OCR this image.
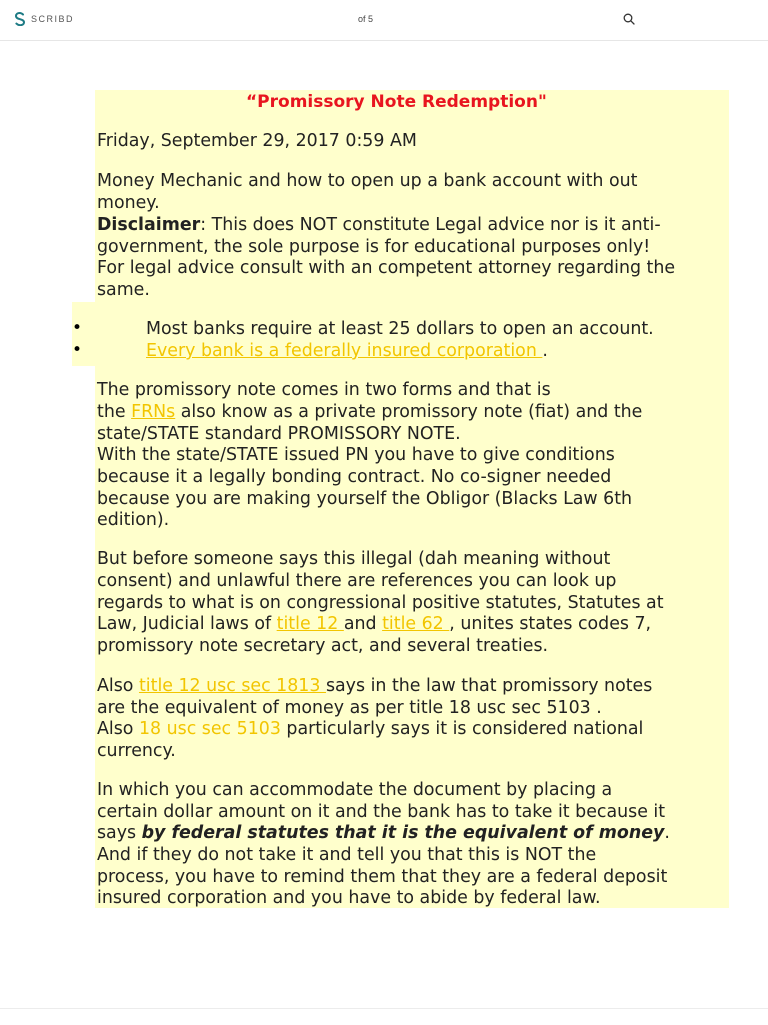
SCRIBD	of 5
“Promissory Note Redemption"
Friday, September 29, 2017 0:59 AM
Money Mechanic and how to open up a bank account with out
money.
Disclaimer: This does NOT constitute Legal advice nor is it anti-
government, the sole purpose is for educational purposes only!
For legal advice consult with an competent attorney regarding the
same.
•	Most banks require at least 25 dollars to open an account.
•	Every bank is a federally insured corporation .
The promissory note comes in two forms and that is
the FRNs also know as a private promissory note (fiat) and the
state/STATE standard PROMISSORY NOTE.
With the state/STATE issued PN you have to give conditions
because it a legally bonding contract. No co-signer needed
because you are making yourself the Obligor (Blacks Law 6th
edition).
But before someone says this illegal (dah meaning without
consent) and unlawful there are references you can look up
regards to what is on congressional positive statutes, Statutes at
Law, Judicial laws of title 12 and title 62 , unites states codes 7,
promissory note secretary act, and several treaties.
Also title 12 usc sec 1813 says in the law that promissory notes
are the equivalent of money as per title 18 usc sec 5103 .
Also 18 usc sec 5103 particularly says it is considered national
currency.
In which you can accommodate the document by placing a
certain dollar amount on it and the bank has to take it because it
says by federal statutes that it is the equivalent of money.
And if they do not take it and tell you that this is NOT the
process, you have to remind them that they are a federal deposit
insured corporation and you have to abide by federal law.
